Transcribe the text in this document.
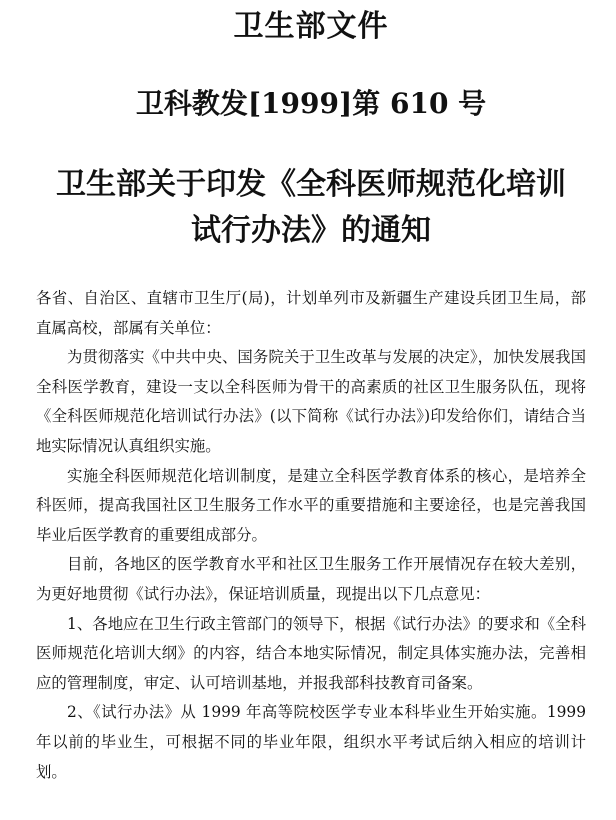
卫生部文件
卫科教发[1999]第 610 号
卫生部关于印发《全科医师规范化培训
试行办法》的通知

各省、自治区、直辖市卫生厅(局)，计划单列市及新疆生产建设兵团卫生局，部直属高校，部属有关单位：

为贯彻落实《中共中央、国务院关于卫生改革与发展的决定》，加快发展我国全科医学教育，建设一支以全科医师为骨干的高素质的社区卫生服务队伍，现将《全科医师规范化培训试行办法》(以下简称《试行办法》)印发给你们，请结合当地实际情况认真组织实施。

实施全科医师规范化培训制度，是建立全科医学教育体系的核心，是培养全科医师，提高我国社区卫生服务工作水平的重要措施和主要途径，也是完善我国毕业后医学教育的重要组成部分。

目前，各地区的医学教育水平和社区卫生服务工作开展情况存在较大差别，为更好地贯彻《试行办法》，保证培训质量，现提出以下几点意见：

1、各地应在卫生行政主管部门的领导下，根据《试行办法》的要求和《全科医师规范化培训大纲》的内容，结合本地实际情况，制定具体实施办法，完善相应的管理制度，审定、认可培训基地，并报我部科技教育司备案。

2、《试行办法》从 1999 年高等院校医学专业本科毕业生开始实施。1999 年以前的毕业生，可根据不同的毕业年限，组织水平考试后纳入相应的培训计划。
